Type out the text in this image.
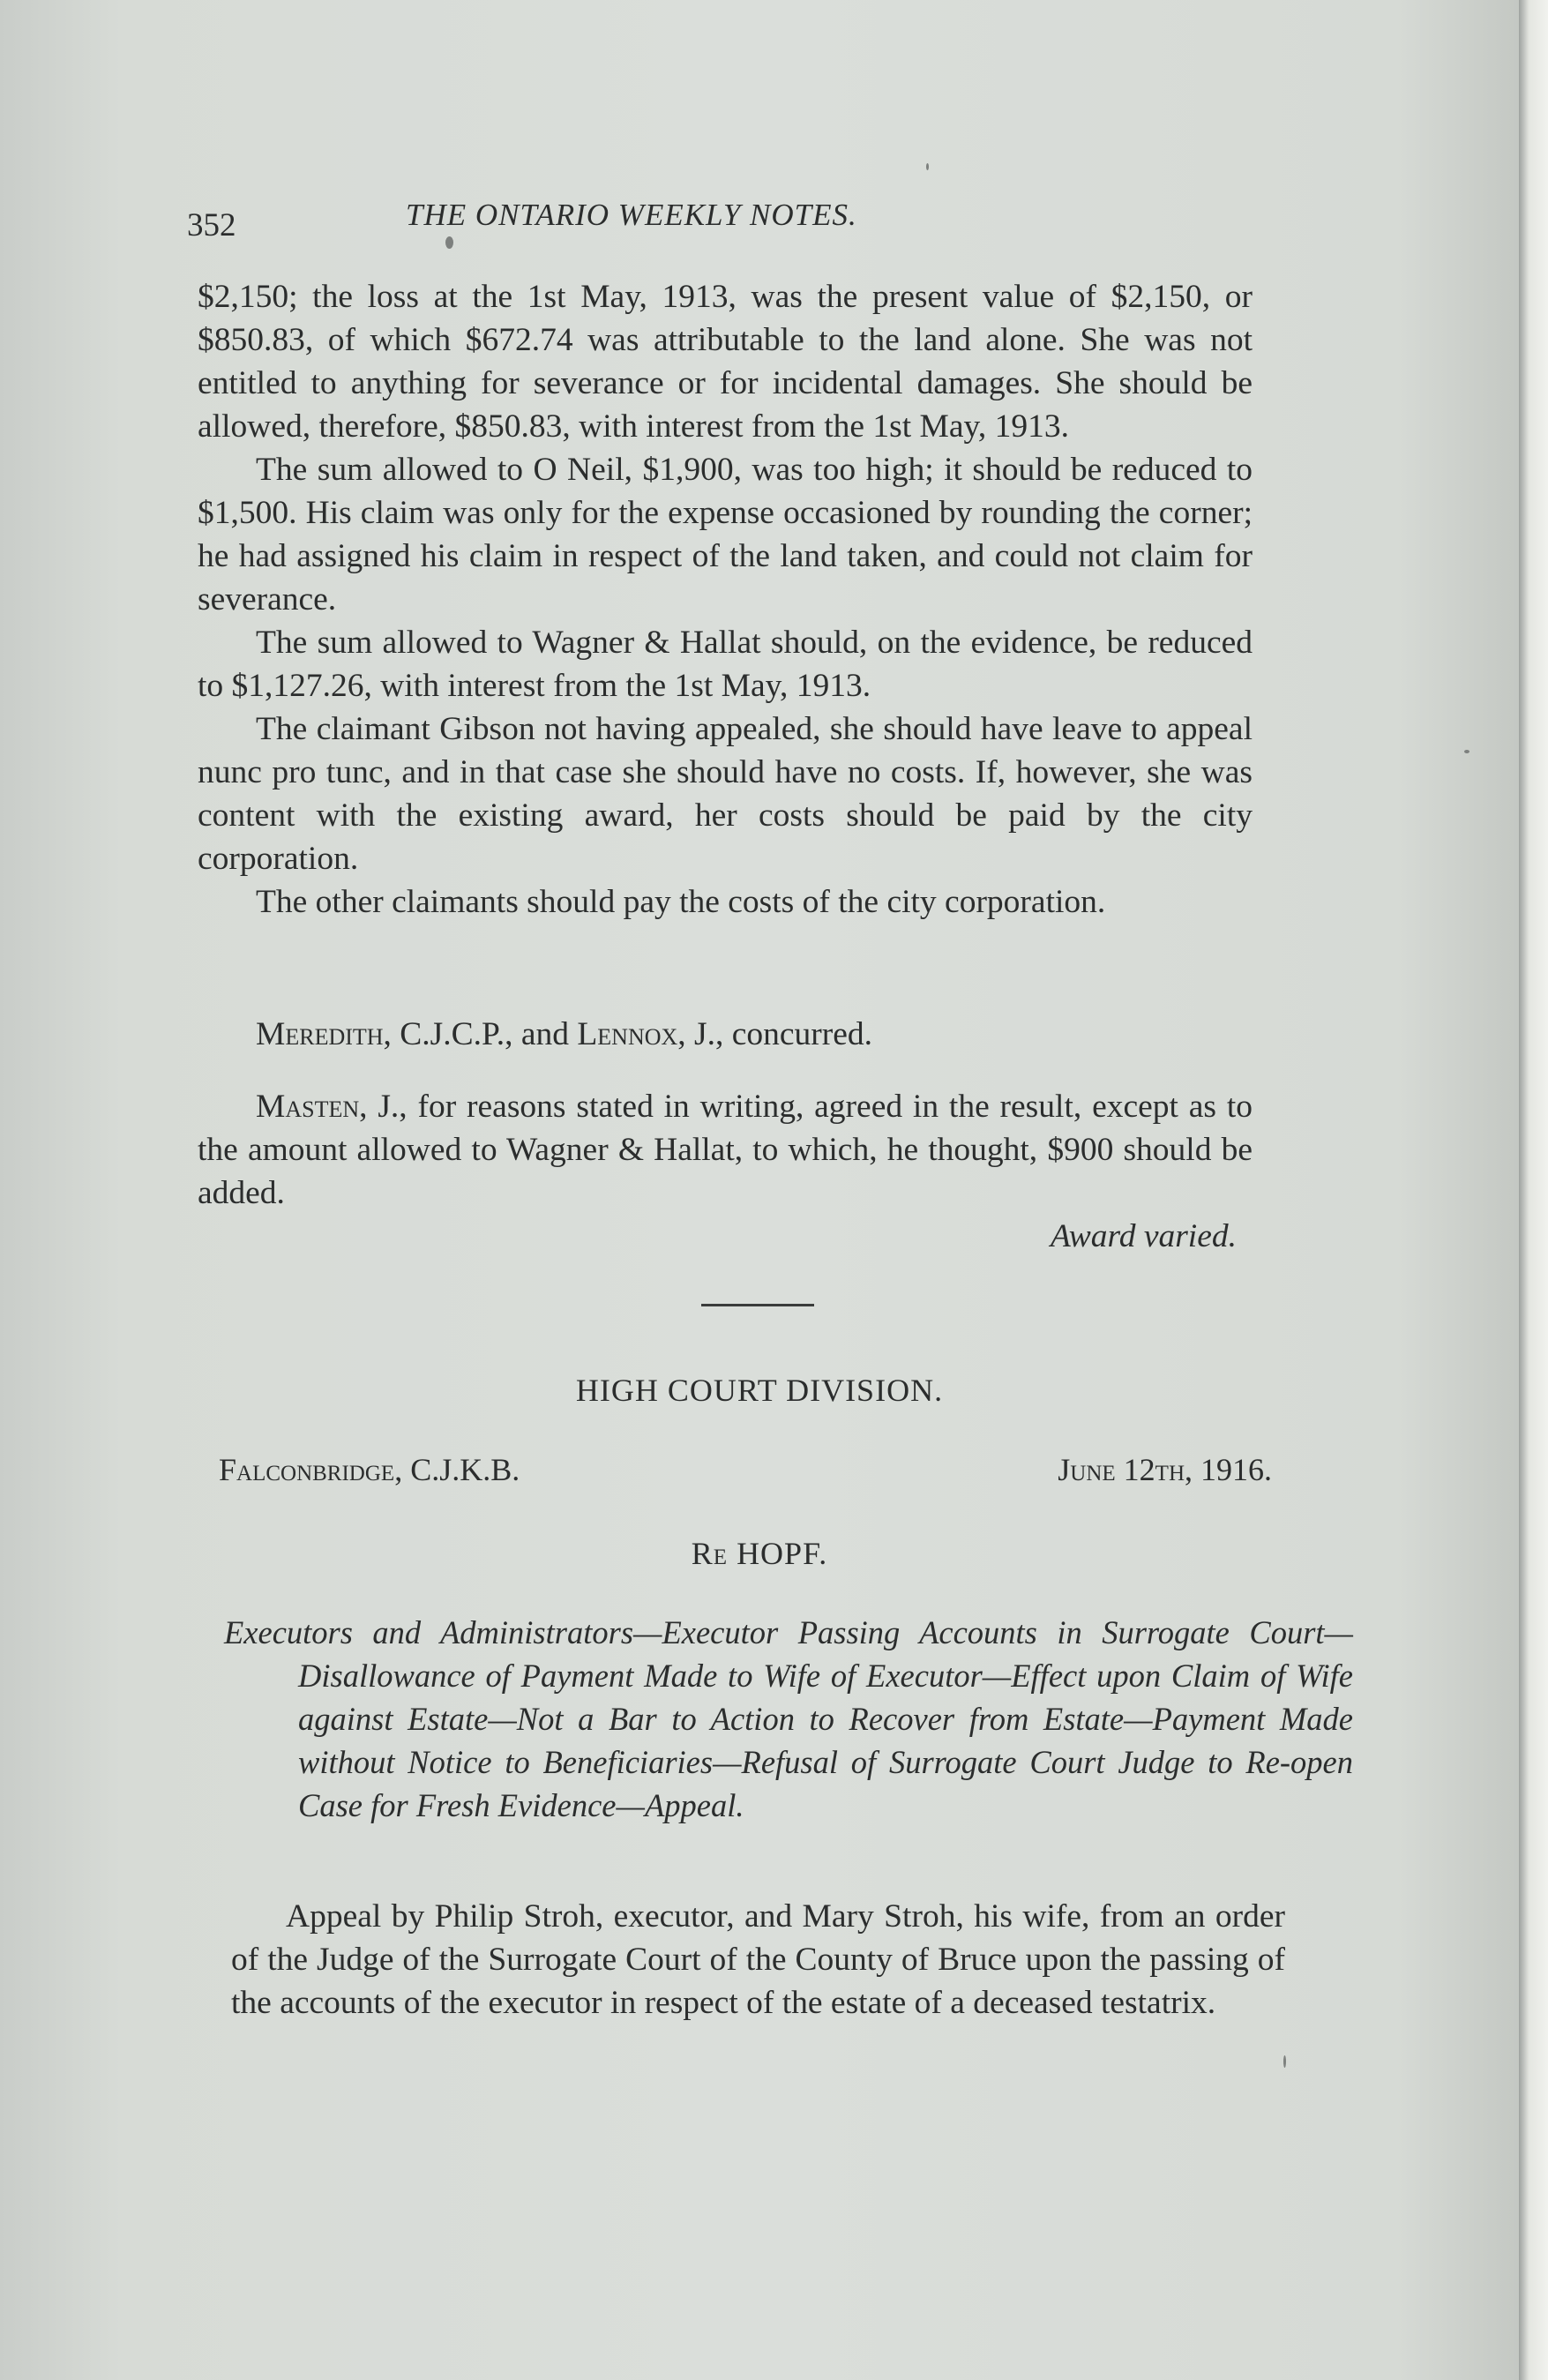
352	THE ONTARIO WEEKLY NOTES.

$2,150; the loss at the 1st May, 1913, was the present value of $2,150, or $850.83, of which $672.74 was attributable to the land alone. She was not entitled to anything for severance or for incidental damages. She should be allowed, therefore, $850.83, with interest from the 1st May, 1913.

The sum allowed to O Neil, $1,900, was too high; it should be reduced to $1,500. His claim was only for the expense occasioned by rounding the corner; he had assigned his claim in respect of the land taken, and could not claim for severance.

The sum allowed to Wagner & Hallat should, on the evidence, be reduced to $1,127.26, with interest from the 1st May, 1913.

The claimant Gibson not having appealed, she should have leave to appeal nunc pro tunc, and in that case she should have no costs. If, however, she was content with the existing award, her costs should be paid by the city corporation.

The other claimants should pay the costs of the city corporation.

Meredith, C.J.C.P., and Lennox, J., concurred.

Masten, J., for reasons stated in writing, agreed in the result, except as to the amount allowed to Wagner & Hallat, to which, he thought, $900 should be added.

Award varied.

HIGH COURT DIVISION.
Falconbridge, C.J.K.B.	June 12th, 1916.
Re HOPF.

Executors and Administrators—Executor Passing Accounts in Surrogate Court—Disallowance of Payment Made to Wife of Executor—Effect upon Claim of Wife against Estate—Not a Bar to Action to Recover from Estate—Payment Made without Notice to Beneficiaries—Refusal of Surrogate Court Judge to Re-open Case for Fresh Evidence—Appeal.

Appeal by Philip Stroh, executor, and Mary Stroh, his wife, from an order of the Judge of the Surrogate Court of the County of Bruce upon the passing of the accounts of the executor in respect of the estate of a deceased testatrix.
